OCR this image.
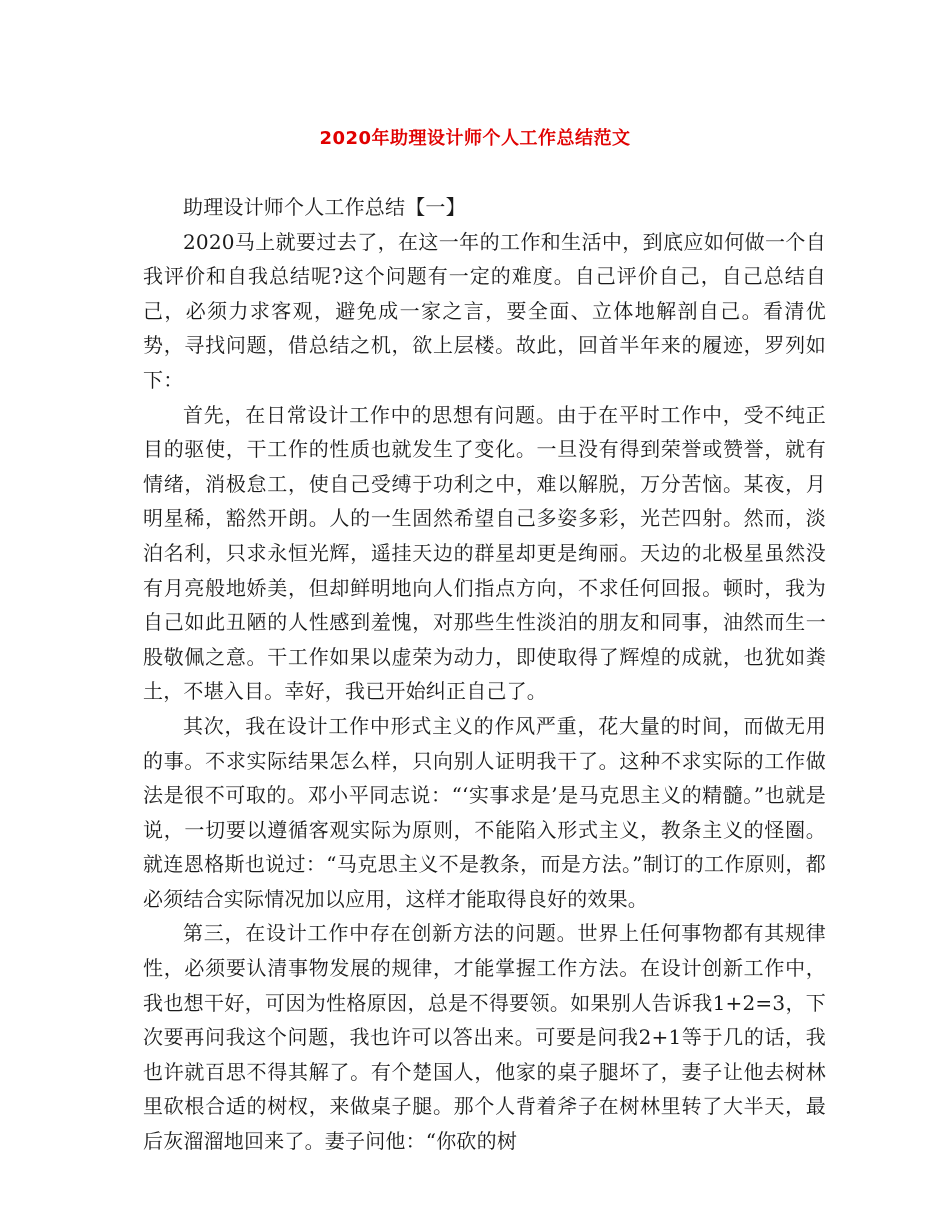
2020年助理设计师个人工作总结范文

助理设计师个人工作总结【一】

2020马上就要过去了，在这一年的工作和生活中，到底应如何做一个自我评价和自我总结呢?这个问题有一定的难度。自己评价自己，自己总结自己，必须力求客观，避免成一家之言，要全面、立体地解剖自己。看清优势，寻找问题，借总结之机，欲上层楼。故此，回首半年来的履迹，罗列如下：

首先，在日常设计工作中的思想有问题。由于在平时工作中，受不纯正目的驱使，干工作的性质也就发生了变化。一旦没有得到荣誉或赞誉，就有情绪，消极怠工，使自己受缚于功利之中，难以解脱，万分苦恼。某夜，月明星稀，豁然开朗。人的一生固然希望自己多姿多彩，光芒四射。然而，淡泊名利，只求永恒光辉，遥挂天边的群星却更是绚丽。天边的北极星虽然没有月亮般地娇美，但却鲜明地向人们指点方向，不求任何回报。顿时，我为自己如此丑陋的人性感到羞愧，对那些生性淡泊的朋友和同事，油然而生一股敬佩之意。干工作如果以虚荣为动力，即使取得了辉煌的成就，也犹如粪土，不堪入目。幸好，我已开始纠正自己了。

其次，我在设计工作中形式主义的作风严重，花大量的时间，而做无用的事。不求实际结果怎么样，只向别人证明我干了。这种不求实际的工作做法是很不可取的。邓小平同志说：“‘实事求是’是马克思主义的精髓。”也就是说，一切要以遵循客观实际为原则，不能陷入形式主义，教条主义的怪圈。就连恩格斯也说过：“马克思主义不是教条，而是方法。”制订的工作原则，都必须结合实际情况加以应用，这样才能取得良好的效果。

第三，在设计工作中存在创新方法的问题。世界上任何事物都有其规律性，必须要认清事物发展的规律，才能掌握工作方法。在设计创新工作中，我也想干好，可因为性格原因，总是不得要领。如果别人告诉我1+2=3，下次要再问我这个问题，我也许可以答出来。可要是问我2+1等于几的话，我也许就百思不得其解了。有个楚国人，他家的桌子腿坏了，妻子让他去树林里砍根合适的树杈，来做桌子腿。那个人背着斧子在树林里转了大半天，最后灰溜溜地回来了。妻子问他：“你砍的树
